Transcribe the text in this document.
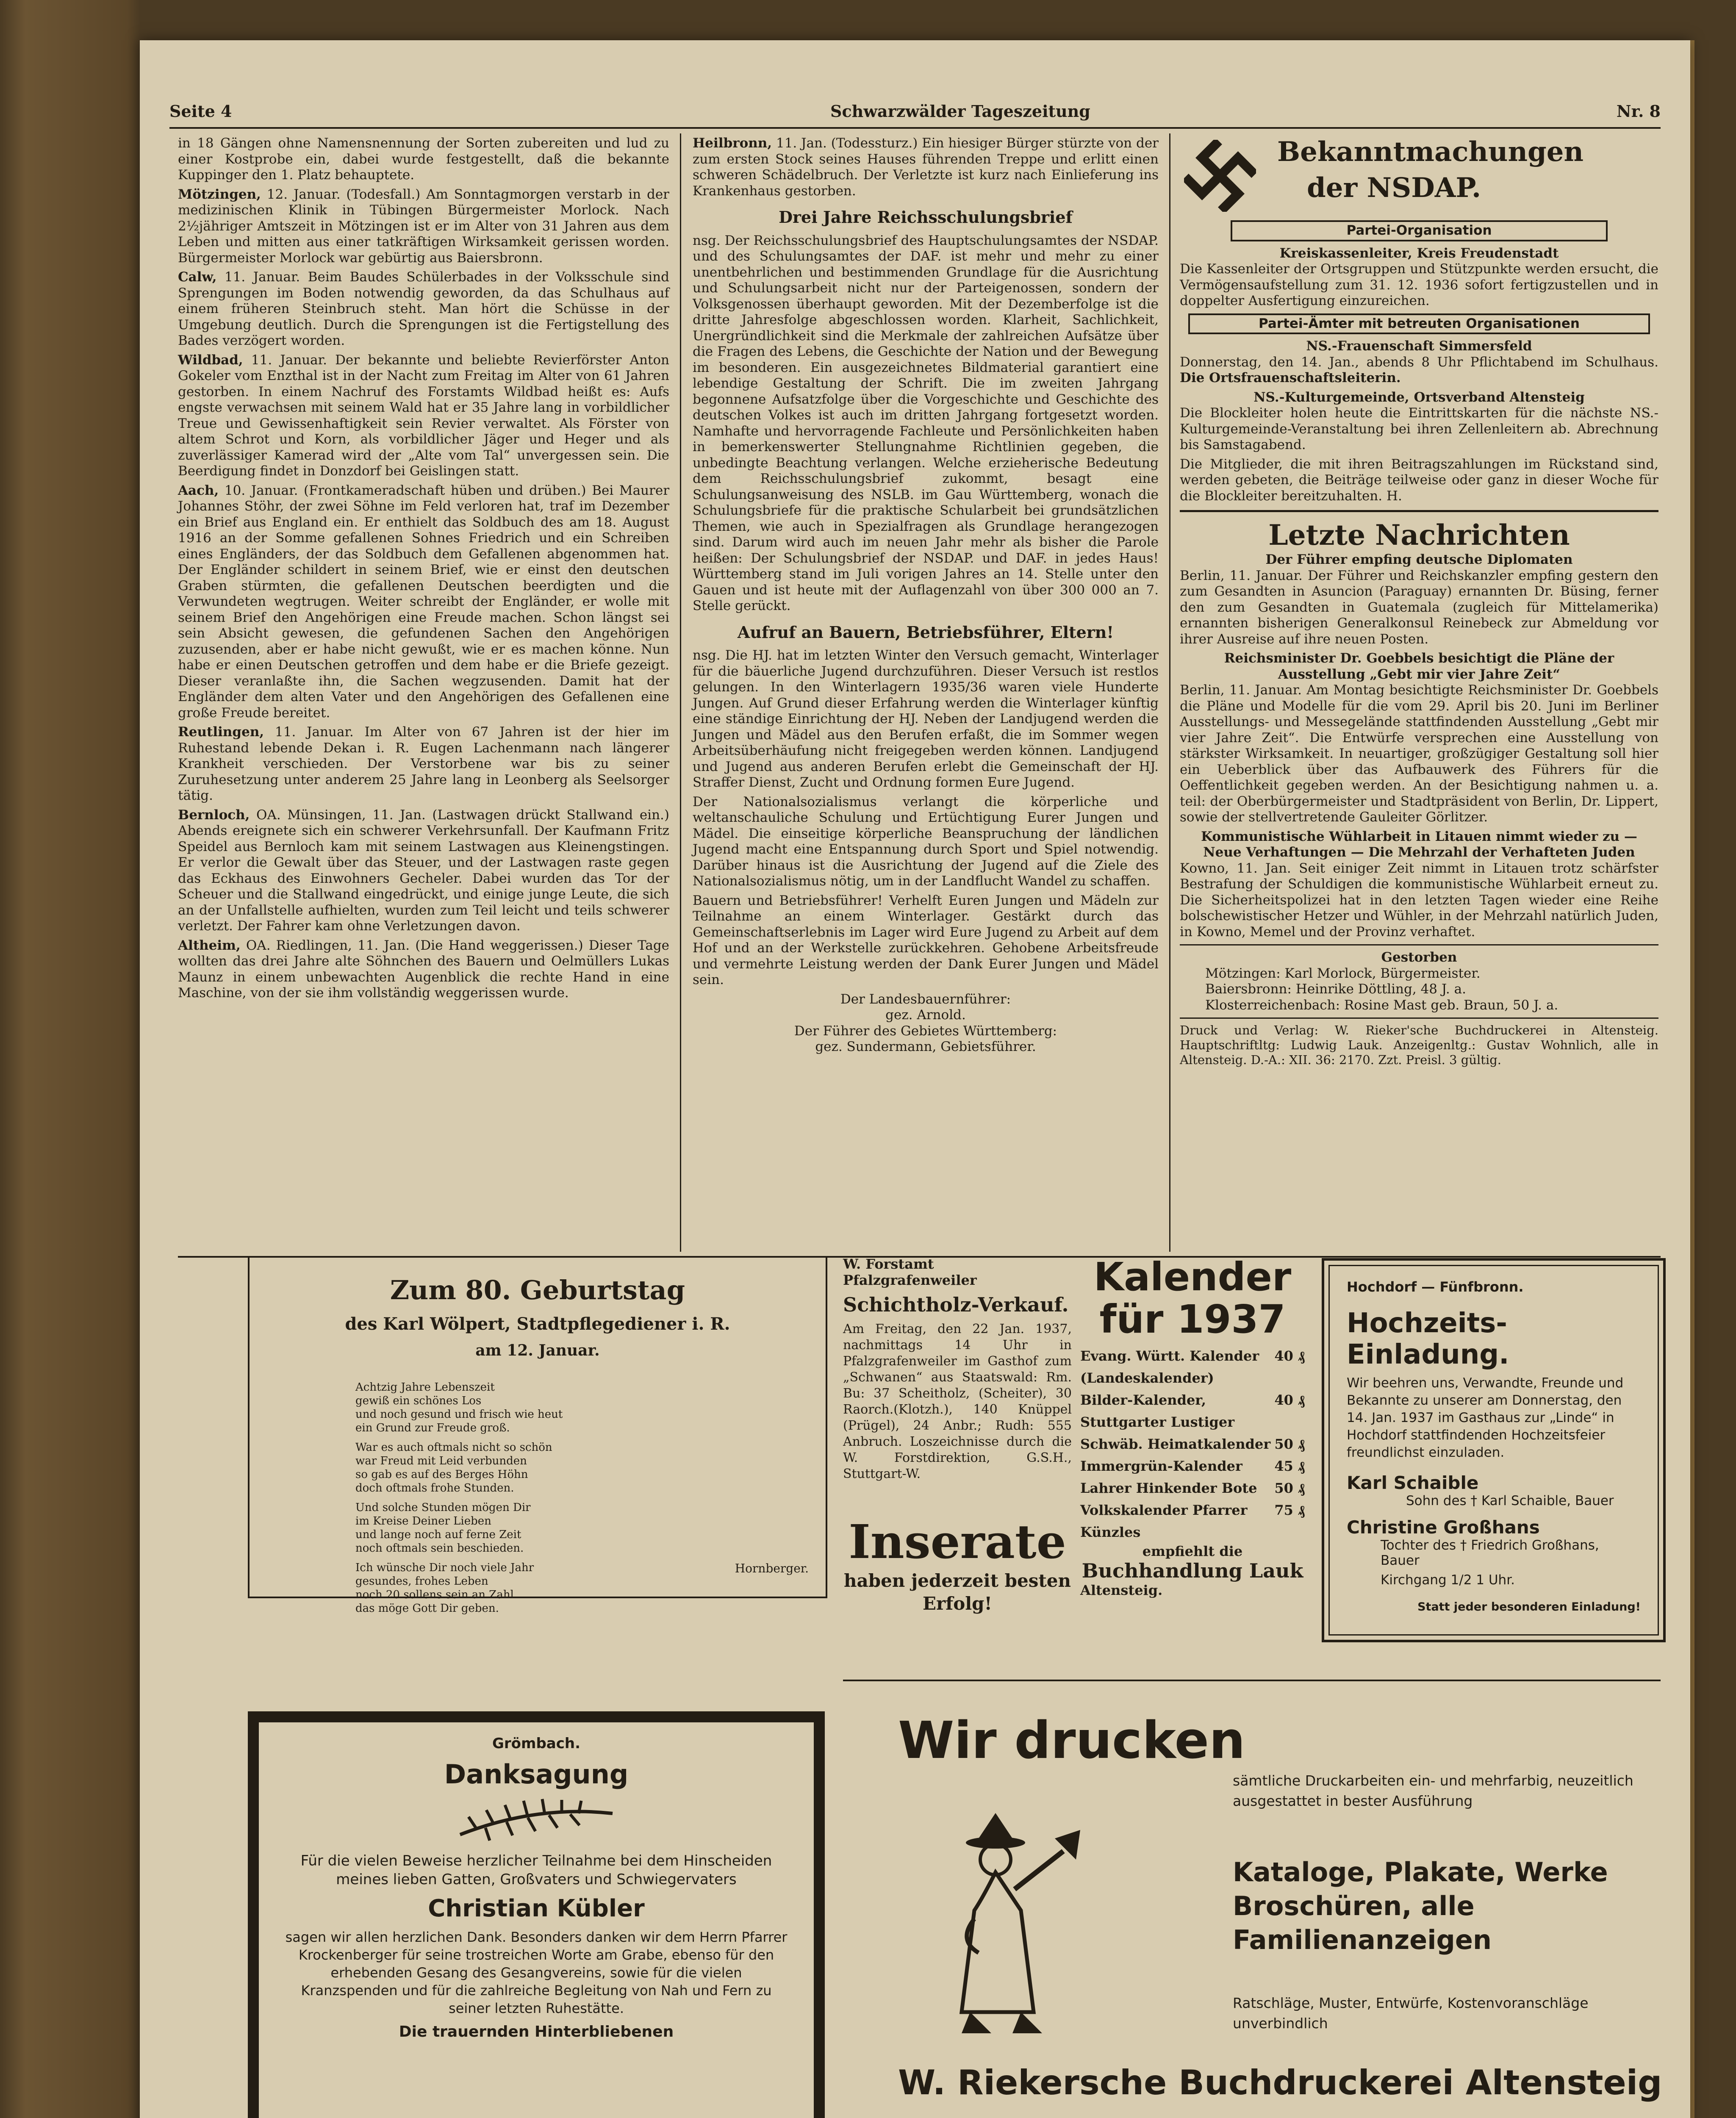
Seite 4	Schwarzwälder Tageszeitung	Nr. 8

in 18 Gängen ohne Namensnennung der Sorten zubereiten und lud zu einer Kostprobe ein, dabei wurde festgestellt, daß die bekannte Kuppinger den 1. Platz behauptete.

Mötzingen, 12. Januar. (Todesfall.) Am Sonntagmorgen verstarb in der medizinischen Klinik in Tübingen Bürgermeister Morlock. Nach 2½jähriger Amtszeit in Mötzingen ist er im Alter von 31 Jahren aus dem Leben und mitten aus einer tatkräftigen Wirksamkeit gerissen worden. Bürgermeister Morlock war gebürtig aus Baiersbronn.

Calw, 11. Januar. Beim Baudes Schülerbades in der Volksschule sind Sprengungen im Boden notwendig geworden, da das Schulhaus auf einem früheren Steinbruch steht. Man hört die Schüsse in der Umgebung deutlich. Durch die Sprengungen ist die Fertigstellung des Bades verzögert worden.

Wildbad, 11. Januar. Der bekannte und beliebte Revierförster Anton Gokeler vom Enzthal ist in der Nacht zum Freitag im Alter von 61 Jahren gestorben. In einem Nachruf des Forstamts Wildbad heißt es: Aufs engste verwachsen mit seinem Wald hat er 35 Jahre lang in vorbildlicher Treue und Gewissenhaftigkeit sein Revier verwaltet. Als Förster von altem Schrot und Korn, als vorbildlicher Jäger und Heger und als zuverlässiger Kamerad wird der „Alte vom Tal“ unvergessen sein. Die Beerdigung findet in Donzdorf bei Geislingen statt.

Aach, 10. Januar. (Frontkameradschaft hüben und drüben.) Bei Maurer Johannes Stöhr, der zwei Söhne im Feld verloren hat, traf im Dezember ein Brief aus England ein. Er enthielt das Soldbuch des am 18. August 1916 an der Somme gefallenen Sohnes Friedrich und ein Schreiben eines Engländers, der das Soldbuch dem Gefallenen abgenommen hat. Der Engländer schildert in seinem Brief, wie er einst den deutschen Graben stürmten, die gefallenen Deutschen beerdigten und die Verwundeten wegtrugen. Weiter schreibt der Engländer, er wolle mit seinem Brief den Angehörigen eine Freude machen. Schon längst sei sein Absicht gewesen, die gefundenen Sachen den Angehörigen zuzusenden, aber er habe nicht gewußt, wie er es machen könne. Nun habe er einen Deutschen getroffen und dem habe er die Briefe gezeigt. Dieser veranlaßte ihn, die Sachen wegzusenden. Damit hat der Engländer dem alten Vater und den Angehörigen des Gefallenen eine große Freude bereitet.

Reutlingen, 11. Januar. Im Alter von 67 Jahren ist der hier im Ruhestand lebende Dekan i. R. Eugen Lachenmann nach längerer Krankheit verschieden. Der Verstorbene war bis zu seiner Zuruhesetzung unter anderem 25 Jahre lang in Leonberg als Seelsorger tätig.

Bernloch, OA. Münsingen, 11. Jan. (Lastwagen drückt Stallwand ein.) Abends ereignete sich ein schwerer Verkehrsunfall. Der Kaufmann Fritz Speidel aus Bernloch kam mit seinem Lastwagen aus Kleinengstingen. Er verlor die Gewalt über das Steuer, und der Lastwagen raste gegen das Eckhaus des Einwohners Gecheler. Dabei wurden das Tor der Scheuer und die Stallwand eingedrückt, und einige junge Leute, die sich an der Unfallstelle aufhielten, wurden zum Teil leicht und teils schwerer verletzt. Der Fahrer kam ohne Verletzungen davon.

Altheim, OA. Riedlingen, 11. Jan. (Die Hand weggerissen.) Dieser Tage wollten das drei Jahre alte Söhnchen des Bauern und Oelmüllers Lukas Maunz in einem unbewachten Augenblick die rechte Hand in eine Maschine, von der sie ihm vollständig weggerissen wurde.

Heilbronn, 11. Jan. (Todessturz.) Ein hiesiger Bürger stürzte von der zum ersten Stock seines Hauses führenden Treppe und erlitt einen schweren Schädelbruch. Der Verletzte ist kurz nach Einlieferung ins Krankenhaus gestorben.

Drei Jahre Reichsschulungsbrief

nsg. Der Reichsschulungsbrief des Hauptschulungsamtes der NSDAP. und des Schulungsamtes der DAF. ist mehr und mehr zu einer unentbehrlichen und bestimmenden Grundlage für die Ausrichtung und Schulungsarbeit nicht nur der Parteigenossen, sondern der Volksgenossen überhaupt geworden. Mit der Dezemberfolge ist die dritte Jahresfolge abgeschlossen worden. Klarheit, Sachlichkeit, Unergründlichkeit sind die Merkmale der zahlreichen Aufsätze über die Fragen des Lebens, die Geschichte der Nation und der Bewegung im besonderen. Ein ausgezeichnetes Bildmaterial garantiert eine lebendige Gestaltung der Schrift. Die im zweiten Jahrgang begonnene Aufsatzfolge über die Vorgeschichte und Geschichte des deutschen Volkes ist auch im dritten Jahrgang fortgesetzt worden. Namhafte und hervorragende Fachleute und Persönlichkeiten haben in bemerkenswerter Stellungnahme Richtlinien gegeben, die unbedingte Beachtung verlangen. Welche erzieherische Bedeutung dem Reichsschulungsbrief zukommt, besagt eine Schulungsanweisung des NSLB. im Gau Württemberg, wonach die Schulungsbriefe für die praktische Schularbeit bei grundsätzlichen Themen, wie auch in Spezialfragen als Grundlage herangezogen sind. Darum wird auch im neuen Jahr mehr als bisher die Parole heißen: Der Schulungsbrief der NSDAP. und DAF. in jedes Haus! Württemberg stand im Juli vorigen Jahres an 14. Stelle unter den Gauen und ist heute mit der Auflagenzahl von über 300 000 an 7. Stelle gerückt.

Aufruf an Bauern, Betriebsführer, Eltern!

nsg. Die HJ. hat im letzten Winter den Versuch gemacht, Winterlager für die bäuerliche Jugend durchzuführen. Dieser Versuch ist restlos gelungen. In den Winterlagern 1935/36 waren viele Hunderte Jungen. Auf Grund dieser Erfahrung werden die Winterlager künftig eine ständige Einrichtung der HJ. Neben der Landjugend werden die Jungen und Mädel aus den Berufen erfaßt, die im Sommer wegen Arbeitsüberhäufung nicht freigegeben werden können. Landjugend und Jugend aus anderen Berufen erlebt die Gemeinschaft der HJ. Straffer Dienst, Zucht und Ordnung formen Eure Jugend.

Der Nationalsozialismus verlangt die körperliche und weltanschauliche Schulung und Ertüchtigung Eurer Jungen und Mädel. Die einseitige körperliche Beanspruchung der ländlichen Jugend macht eine Entspannung durch Sport und Spiel notwendig. Darüber hinaus ist die Ausrichtung der Jugend auf die Ziele des Nationalsozialismus nötig, um in der Landflucht Wandel zu schaffen.

Bauern und Betriebsführer! Verhelft Euren Jungen und Mädeln zur Teilnahme an einem Winterlager. Gestärkt durch das Gemeinschaftserlebnis im Lager wird Eure Jugend zu Arbeit auf dem Hof und an der Werkstelle zurückkehren. Gehobene Arbeitsfreude und vermehrte Leistung werden der Dank Eurer Jungen und Mädel sein.

Der Landesbauernführer:
gez. Arnold.
Der Führer des Gebietes Württemberg:
gez. Sundermann, Gebietsführer.
Bekanntmachungen
der NSDAP.
Partei-Organisation
Kreiskassenleiter, Kreis Freudenstadt

Die Kassenleiter der Ortsgruppen und Stützpunkte werden ersucht, die Vermögensaufstellung zum 31. 12. 1936 sofort fertigzustellen und in doppelter Ausfertigung einzureichen.

Partei-Ämter mit betreuten Organisationen
NS.-Frauenschaft Simmersfeld

Donnerstag, den 14. Jan., abends 8 Uhr Pflichtabend im Schulhaus. Die Ortsfrauenschaftsleiterin.

NS.-Kulturgemeinde, Ortsverband Altensteig

Die Blockleiter holen heute die Eintrittskarten für die nächste NS.-Kulturgemeinde-Veranstaltung bei ihren Zellenleitern ab. Abrechnung bis Samstagabend.

Die Mitglieder, die mit ihren Beitragszahlungen im Rückstand sind, werden gebeten, die Beiträge teilweise oder ganz in dieser Woche für die Blockleiter bereitzuhalten. H.

Letzte Nachrichten
Der Führer empfing deutsche Diplomaten

Berlin, 11. Januar. Der Führer und Reichskanzler empfing gestern den zum Gesandten in Asuncion (Paraguay) ernannten Dr. Büsing, ferner den zum Gesandten in Guatemala (zugleich für Mittelamerika) ernannten bisherigen Generalkonsul Reinebeck zur Abmeldung vor ihrer Ausreise auf ihre neuen Posten.

Reichsminister Dr. Goebbels besichtigt die Pläne der Ausstellung „Gebt mir vier Jahre Zeit“

Berlin, 11. Januar. Am Montag besichtigte Reichsminister Dr. Goebbels die Pläne und Modelle für die vom 29. April bis 20. Juni im Berliner Ausstellungs- und Messegelände stattfindenden Ausstellung „Gebt mir vier Jahre Zeit“. Die Entwürfe versprechen eine Ausstellung von stärkster Wirksamkeit. In neuartiger, großzügiger Gestaltung soll hier ein Ueberblick über das Aufbauwerk des Führers für die Oeffentlichkeit gegeben werden. An der Besichtigung nahmen u. a. teil: der Oberbürgermeister und Stadtpräsident von Berlin, Dr. Lippert, sowie der stellvertretende Gauleiter Görlitzer.

Kommunistische Wühlarbeit in Litauen nimmt wieder zu — Neue Verhaftungen — Die Mehrzahl der Verhafteten Juden

Kowno, 11. Jan. Seit einiger Zeit nimmt in Litauen trotz schärfster Bestrafung der Schuldigen die kommunistische Wühlarbeit erneut zu. Die Sicherheitspolizei hat in den letzten Tagen wieder eine Reihe bolschewistischer Hetzer und Wühler, in der Mehrzahl natürlich Juden, in Kowno, Memel und der Provinz verhaftet.

Gestorben
Mötzingen: Karl Morlock, Bürgermeister.
Baiersbronn: Heinrike Döttling, 48 J. a.
Klosterreichenbach: Rosine Mast geb. Braun, 50 J. a.

Druck und Verlag: W. Rieker'sche Buchdruckerei in Altensteig. Hauptschriftltg: Ludwig Lauk. Anzeigenltg.: Gustav Wohnlich, alle in Altensteig. D.-A.: XII. 36: 2170. Zzt. Preisl. 3 gültig.

Zum 80. Geburtstag
des Karl Wölpert, Stadtpflegediener i. R.
am 12. Januar.
Achtzig Jahre Lebenszeit
gewiß ein schönes Los
und noch gesund und frisch wie heut
ein Grund zur Freude groß.
War es auch oftmals nicht so schön
war Freud mit Leid verbunden
so gab es auf des Berges Höhn
doch oftmals frohe Stunden.
Und solche Stunden mögen Dir
im Kreise Deiner Lieben
und lange noch auf ferne Zeit
noch oftmals sein beschieden.
Ich wünsche Dir noch viele Jahr
gesundes, frohes Leben
noch 20 sollens sein an Zahl
das möge Gott Dir geben.
Hornberger.
W. Forstamt Pfalzgrafenweiler
Schichtholz-Verkauf.
Am Freitag, den 22 Jan. 1937, nachmittags 14 Uhr in Pfalzgrafenweiler im Gasthof zum „Schwanen“ aus Staatswald: Rm. Bu: 37 Scheitholz, (Scheiter), 30 Raorch.(Klotzh.), 140 Knüppel (Prügel), 24 Anbr.; Rudh: 555 Anbruch. Loszeichnisse durch die W. Forstdirektion, G.S.H., Stuttgart-W.
Inserate
haben jederzeit besten Erfolg!
Kalender
für 1937
Evang. Württ. Kalender (Landeskalender)
40 ₰
Bilder-Kalender, Stuttgarter Lustiger
40 ₰
Schwäb. Heimatkalender 50 ₰
Immergrün-Kalender 45 ₰
Lahrer Hinkender Bote 50 ₰
Volkskalender Pfarrer Künzles
75 ₰
empfiehlt die
Buchhandlung Lauk
Altensteig.
Hochdorf — Fünfbronn.
Hochzeits-Einladung.
Wir beehren uns, Verwandte, Freunde und Bekannte zu unserer am Donnerstag, den 14. Jan. 1937 im Gasthaus zur „Linde“ in Hochdorf stattfindenden Hochzeitsfeier freundlichst einzuladen.
Karl Schaible
Sohn des † Karl Schaible, Bauer
Christine Großhans
Tochter des † Friedrich Großhans, Bauer
Kirchgang 1/2 1 Uhr.
Statt jeder besonderen Einladung!
Grömbach.
Danksagung
Für die vielen Beweise herzlicher Teilnahme bei dem Hinscheiden meines lieben Gatten, Großvaters und Schwiegervaters
Christian Kübler
sagen wir allen herzlichen Dank. Besonders danken wir dem Herrn Pfarrer Krockenberger für seine trostreichen Worte am Grabe, ebenso für den erhebenden Gesang des Gesangvereins, sowie für die vielen Kranzspenden und für die zahlreiche Begleitung von Nah und Fern zu seiner letzten Ruhestätte.
Die trauernden Hinterbliebenen
Wir drucken
sämtliche Druckarbeiten ein- und mehrfarbig, neuzeitlich ausgestattet in bester Ausführung
Kataloge, Plakate, Werke Broschüren, alle Familienanzeigen
Ratschläge, Muster, Entwürfe, Kostenvoranschläge unverbindlich
W. Riekersche Buchdruckerei Altensteig
